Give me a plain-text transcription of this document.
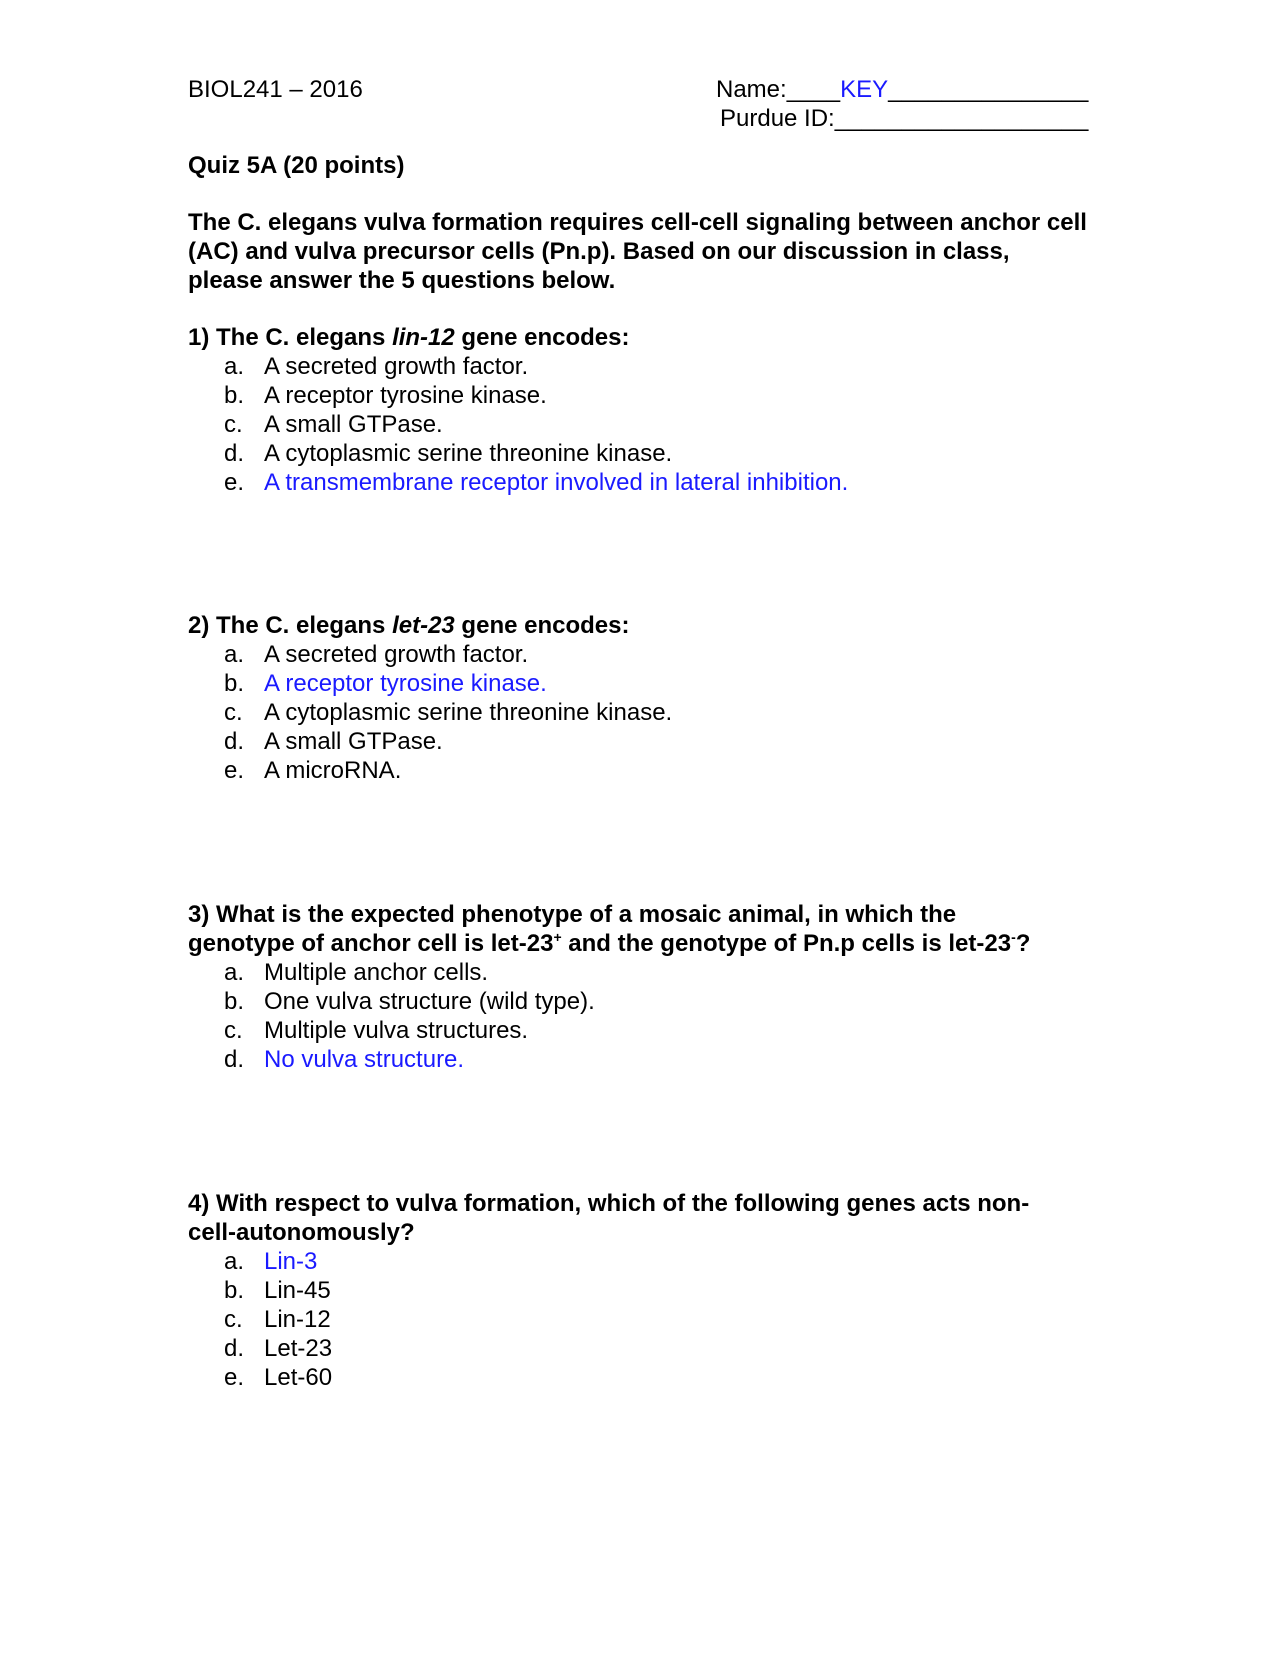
BIOL241 – 2016	Name:____KEY_______________
Purdue ID:___________________
Quiz 5A (20 points)
The C. elegans vulva formation requires cell-cell signaling between anchor cell (AC) and vulva precursor cells (Pn.p). Based on our discussion in class, please answer the 5 questions below.
1) The C. elegans lin-12 gene encodes:
a. A secreted growth factor.
b. A receptor tyrosine kinase.
c. A small GTPase.
d. A cytoplasmic serine threonine kinase.
e. A transmembrane receptor involved in lateral inhibition.
2) The C. elegans let-23 gene encodes:
a. A secreted growth factor.
b. A receptor tyrosine kinase.
c. A cytoplasmic serine threonine kinase.
d. A small GTPase.
e. A microRNA.
3) What is the expected phenotype of a mosaic animal, in which the
genotype of anchor cell is let-23+ and the genotype of Pn.p cells is let-23-?
a. Multiple anchor cells.
b. One vulva structure (wild type).
c. Multiple vulva structures.
d. No vulva structure.
4) With respect to vulva formation, which of the following genes acts non-
cell-autonomously?
a. Lin-3
b. Lin-45
c. Lin-12
d. Let-23
e. Let-60
